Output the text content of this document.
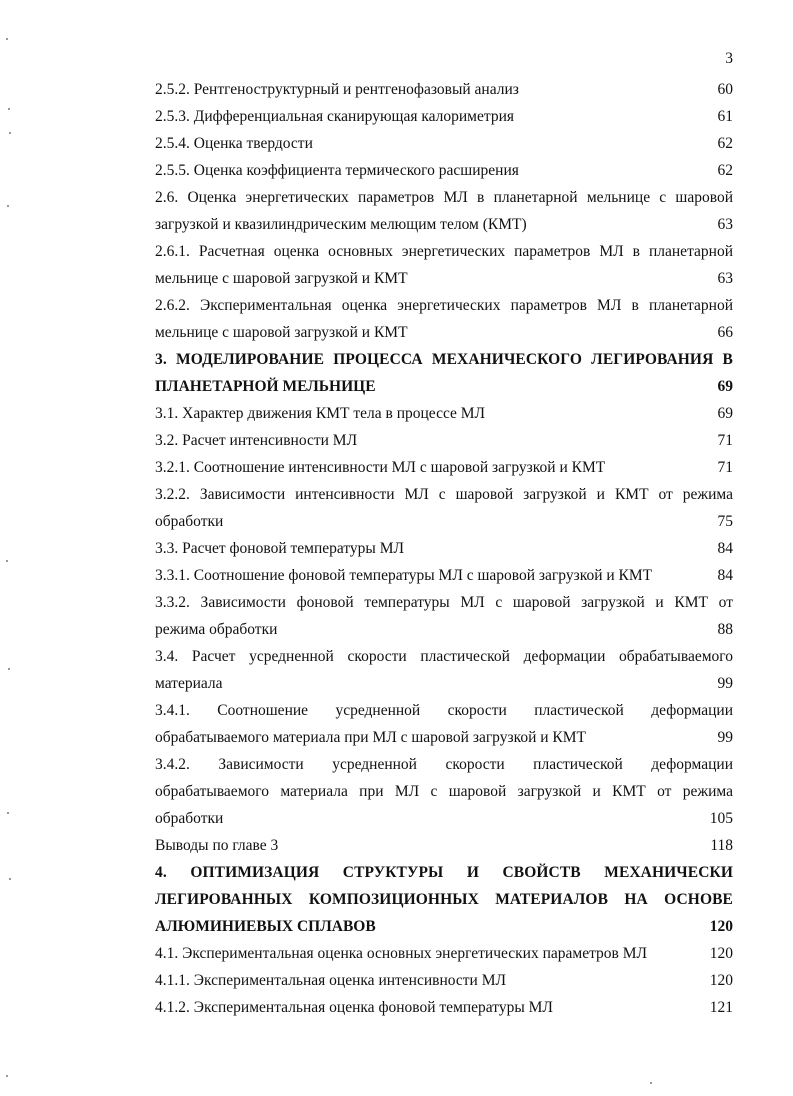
3
2.5.2. Рентгеноструктурный и рентгенофазовый анализ	60
2.5.3. Дифференциальная сканирующая калориметрия	61
2.5.4. Оценка твердости	62
2.5.5. Оценка коэффициента термического расширения	62
2.6. Оценка энергетических параметров МЛ в планетарной мельнице с шаровой
загрузкой и квазилиндрическим мелющим телом (КМТ)	63
2.6.1. Расчетная оценка основных энергетических параметров МЛ в планетарной
мельнице с шаровой загрузкой и КМТ	63
2.6.2. Экспериментальная оценка энергетических параметров МЛ в планетарной
мельнице с шаровой загрузкой и КМТ	66
3. МОДЕЛИРОВАНИЕ ПРОЦЕССА МЕХАНИЧЕСКОГО ЛЕГИРОВАНИЯ В
ПЛАНЕТАРНОЙ МЕЛЬНИЦЕ	69
3.1. Характер движения КМТ тела в процессе МЛ	69
3.2. Расчет интенсивности МЛ	71
3.2.1. Соотношение интенсивности МЛ с шаровой загрузкой и КМТ	71
3.2.2. Зависимости интенсивности МЛ с шаровой загрузкой и КМТ от режима
обработки	75
3.3. Расчет фоновой температуры МЛ	84
3.3.1. Соотношение фоновой температуры МЛ с шаровой загрузкой и КМТ	84
3.3.2. Зависимости фоновой температуры МЛ с шаровой загрузкой и КМТ от
режима обработки	88
3.4. Расчет усредненной скорости пластической деформации обрабатываемого
материала	99
3.4.1. Соотношение усредненной скорости пластической деформации
обрабатываемого материала при МЛ с шаровой загрузкой и КМТ	99
3.4.2. Зависимости усредненной скорости пластической деформации
обрабатываемого материала при МЛ с шаровой загрузкой и КМТ от режима
обработки	105
Выводы по главе 3	118
4. ОПТИМИЗАЦИЯ СТРУКТУРЫ И СВОЙСТВ МЕХАНИЧЕСКИ
ЛЕГИРОВАННЫХ КОМПОЗИЦИОННЫХ МАТЕРИАЛОВ НА ОСНОВЕ
АЛЮМИНИЕВЫХ СПЛАВОВ	120
4.1. Экспериментальная оценка основных энергетических параметров МЛ	120
4.1.1. Экспериментальная оценка интенсивности МЛ	120
4.1.2. Экспериментальная оценка фоновой температуры МЛ	121
